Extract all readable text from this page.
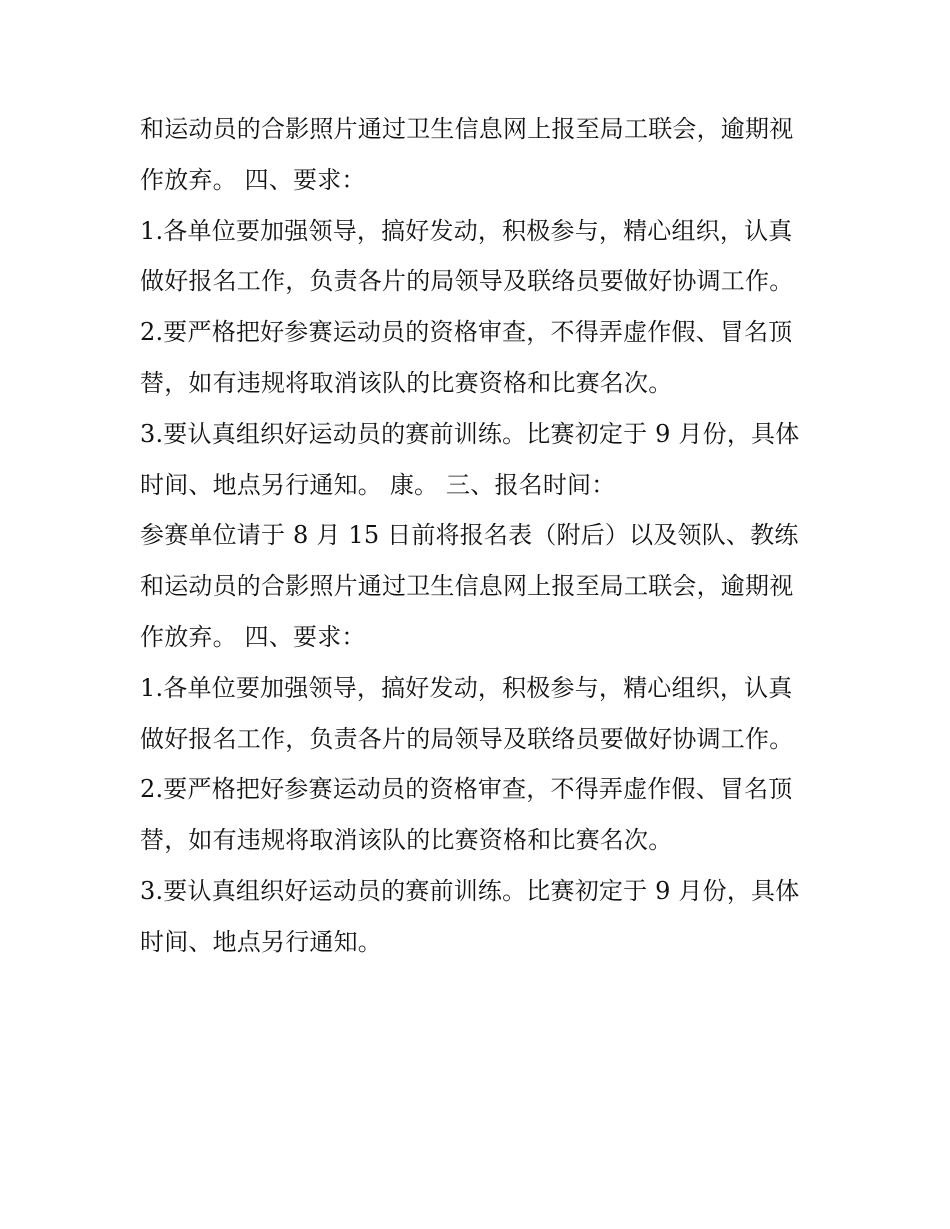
和运动员的合影照片通过卫生信息网上报至局工联会，逾期视
作放弃。 四、要求：
1.各单位要加强领导，搞好发动，积极参与，精心组织，认真
做好报名工作，负责各片的局领导及联络员要做好协调工作。
2.要严格把好参赛运动员的资格审查，不得弄虚作假、冒名顶
替，如有违规将取消该队的比赛资格和比赛名次。
3.要认真组织好运动员的赛前训练。比赛初定于 9 月份，具体
时间、地点另行通知。 康。 三、报名时间：
参赛单位请于 8 月 15 日前将报名表（附后）以及领队、教练
和运动员的合影照片通过卫生信息网上报至局工联会，逾期视
作放弃。 四、要求：
1.各单位要加强领导，搞好发动，积极参与，精心组织，认真
做好报名工作，负责各片的局领导及联络员要做好协调工作。
2.要严格把好参赛运动员的资格审查，不得弄虚作假、冒名顶
替，如有违规将取消该队的比赛资格和比赛名次。
3.要认真组织好运动员的赛前训练。比赛初定于 9 月份，具体
时间、地点另行通知。
